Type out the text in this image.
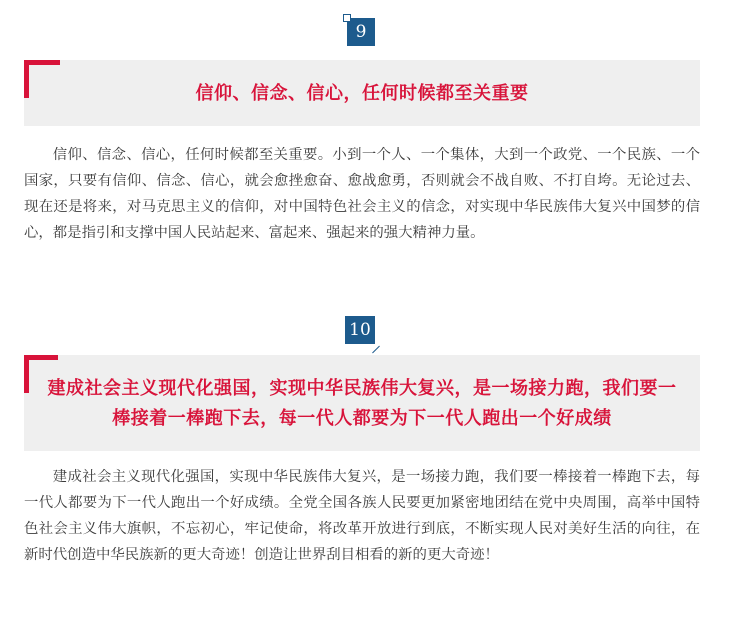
9
信仰、信念、信心，任何时候都至关重要

信仰、信念、信心，任何时候都至关重要。小到一个人、一个集体，大到一个政党、一个民族、一个国家，只要有信仰、信念、信心，就会愈挫愈奋、愈战愈勇，否则就会不战自败、不打自垮。无论过去、现在还是将来，对马克思主义的信仰，对中国特色社会主义的信念，对实现中华民族伟大复兴中国梦的信心，都是指引和支撑中国人民站起来、富起来、强起来的强大精神力量。

10
建成社会主义现代化强国，实现中华民族伟大复兴，是一场接力跑，我们要一
棒接着一棒跑下去，每一代人都要为下一代人跑出一个好成绩

建成社会主义现代化强国，实现中华民族伟大复兴，是一场接力跑，我们要一棒接着一棒跑下去，每一代人都要为下一代人跑出一个好成绩。全党全国各族人民要更加紧密地团结在党中央周围，高举中国特色社会主义伟大旗帜，不忘初心，牢记使命，将改革开放进行到底，不断实现人民对美好生活的向往，在新时代创造中华民族新的更大奇迹！创造让世界刮目相看的新的更大奇迹！
